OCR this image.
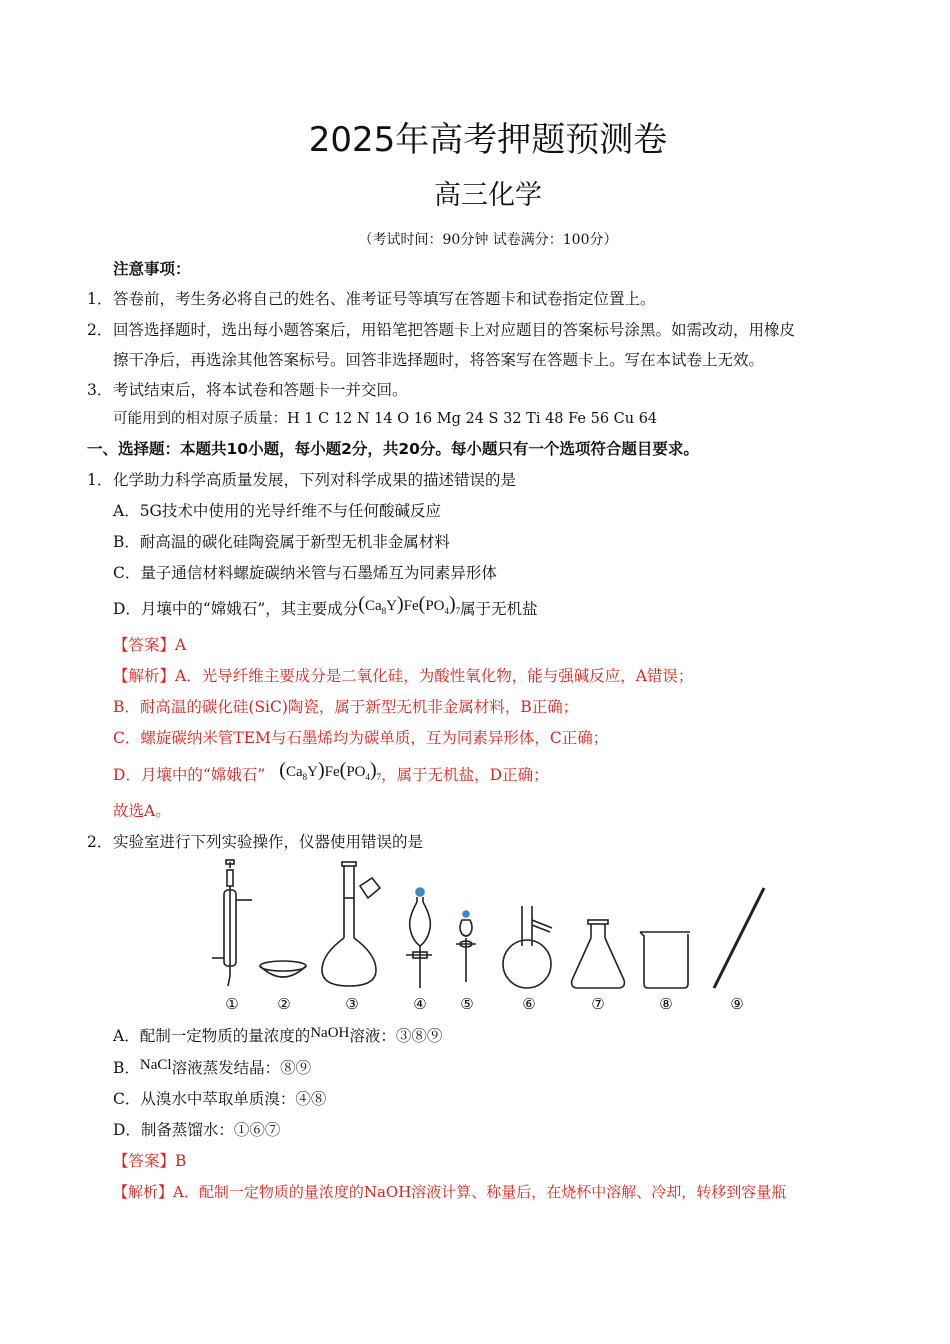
2025年高考押题预测卷
高三化学
（考试时间：90分钟 试卷满分：100分）
注意事项：
1．答卷前，考生务必将自己的姓名、准考证号等填写在答题卡和试卷指定位置上。
2．回答选择题时，选出每小题答案后，用铅笔把答题卡上对应题目的答案标号涂黑。如需改动，用橡皮
擦干净后，再选涂其他答案标号。回答非选择题时，将答案写在答题卡上。写在本试卷上无效。
3．考试结束后，将本试卷和答题卡一并交回。
可能用到的相对原子质量：H 1 C 12 N 14 O 16 Mg 24 S 32 Ti 48 Fe 56 Cu 64
一、选择题：本题共10小题，每小题2分，共20分。每小题只有一个选项符合题目要求。
1．化学助力科学高质量发展，下列对科学成果的描述错误的是
A．5G技术中使用的光导纤维不与任何酸碱反应
B．耐高温的碳化硅陶瓷属于新型无机非金属材料
C．量子通信材料螺旋碳纳米管与石墨烯互为同素异形体
D．月壤中的“嫦娥石”，其主要成分$(Ca_8Y)Fe(PO_4)_7$属于无机盐
【答案】A
【解析】A．光导纤维主要成分是二氧化硅，为酸性氧化物，能与强碱反应，A错误；
B．耐高温的碳化硅(SiC)陶瓷，属于新型无机非金属材料，B正确；
C．螺旋碳纳米管TEM与石墨烯均为碳单质，互为同素异形体，C正确；
D．月壤中的“嫦娥石” $(Ca_8Y)Fe(PO_4)_7$，属于无机盐，D正确；
故选A。
2．实验室进行下列实验操作，仪器使用错误的是
①	②	③	④ ⑤	⑥	⑦	⑧	⑨
A．配制一定物质的量浓度的NaOH溶液：③⑧⑨
B．NaCl溶液蒸发结晶：⑧⑨
C．从溴水中萃取单质溴：④⑧
D．制备蒸馏水：①⑥⑦
【答案】B
【解析】A．配制一定物质的量浓度的NaOH溶液计算、称量后，在烧杯中溶解、冷却，转移到容量瓶
